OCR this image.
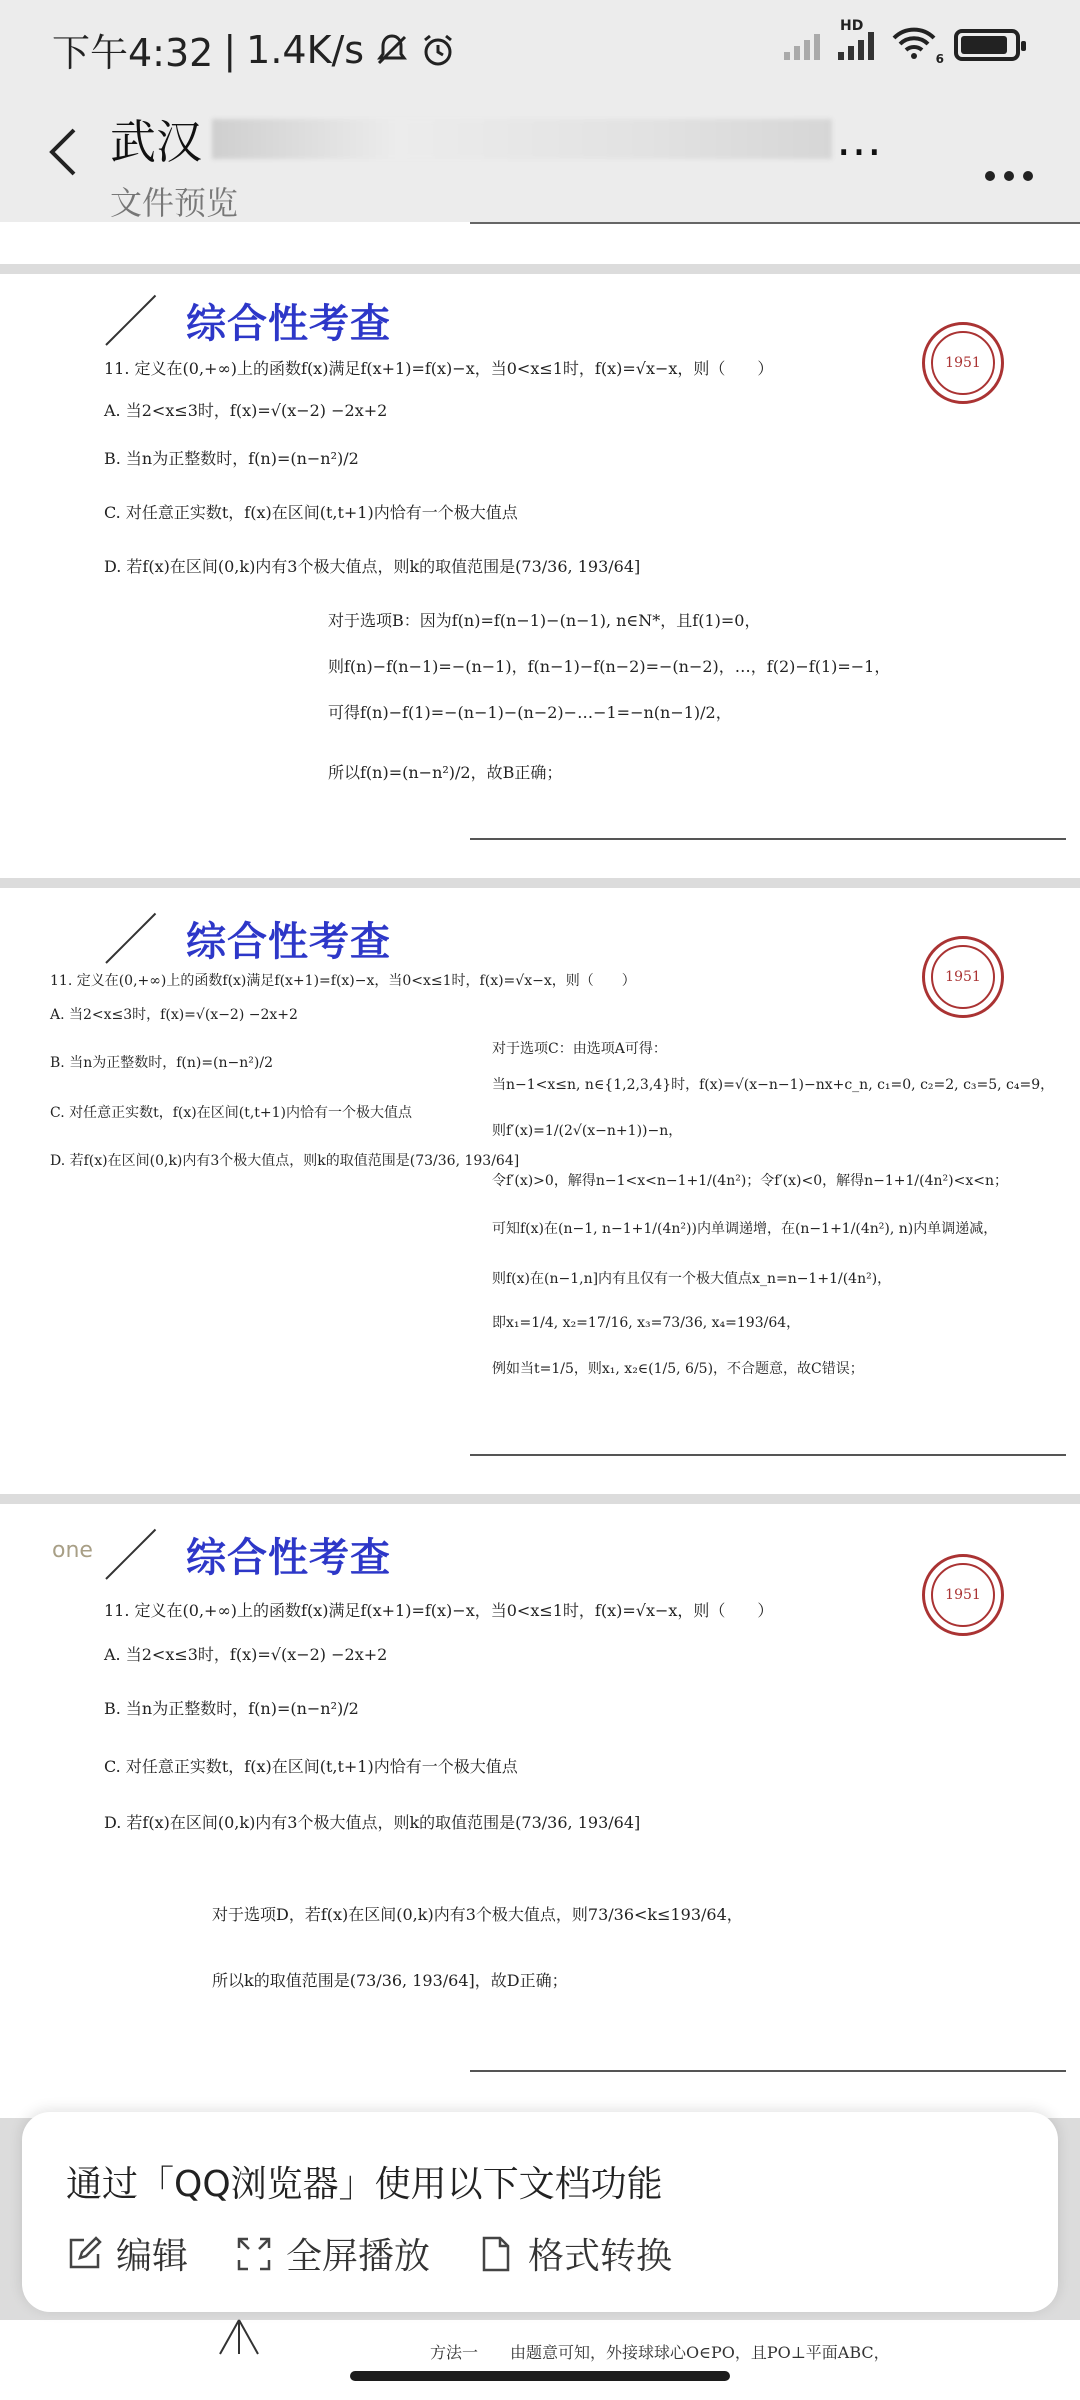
下午4:32 | 1.4K/s
HD
6
武汉	…
文件预览
综合性考查
1951
11. 定义在(0,+∞)上的函数f(x)满足f(x+1)=f(x)−x，当0<x≤1时，f(x)=√x−x，则（　　）
A. 当2<x≤3时，f(x)=√(x−2) −2x+2
B. 当n为正整数时，f(n)=(n−n²)/2
C. 对任意正实数t，f(x)在区间(t,t+1)内恰有一个极大值点
D. 若f(x)在区间(0,k)内有3个极大值点，则k的取值范围是(73/36, 193/64]
对于选项B：因为f(n)=f(n−1)−(n−1), n∈N*，且f(1)=0，
则f(n)−f(n−1)=−(n−1)，f(n−1)−f(n−2)=−(n−2)，…，f(2)−f(1)=−1，
可得f(n)−f(1)=−(n−1)−(n−2)−…−1=−n(n−1)/2，
所以f(n)=(n−n²)/2，故B正确；
综合性考查
1951
11. 定义在(0,+∞)上的函数f(x)满足f(x+1)=f(x)−x，当0<x≤1时，f(x)=√x−x，则（　　）
A. 当2<x≤3时，f(x)=√(x−2) −2x+2
B. 当n为正整数时，f(n)=(n−n²)/2
C. 对任意正实数t，f(x)在区间(t,t+1)内恰有一个极大值点
D. 若f(x)在区间(0,k)内有3个极大值点，则k的取值范围是(73/36, 193/64]
对于选项C：由选项A可得：
当n−1<x≤n, n∈{1,2,3,4}时，f(x)=√(x−n−1)−nx+c_n, c₁=0, c₂=2, c₃=5, c₄=9，
则f′(x)=1/(2√(x−n+1))−n，
令f′(x)>0，解得n−1<x<n−1+1/(4n²)；令f′(x)<0，解得n−1+1/(4n²)<x<n；
可知f(x)在(n−1, n−1+1/(4n²))内单调递增，在(n−1+1/(4n²), n)内单调递减，
则f(x)在(n−1,n]内有且仅有一个极大值点x_n=n−1+1/(4n²)，
即x₁=1/4, x₂=17/16, x₃=73/36, x₄=193/64，
例如当t=1/5，则x₁, x₂∈(1/5, 6/5)，不合题意，故C错误；
one 综合性考查
1951
11. 定义在(0,+∞)上的函数f(x)满足f(x+1)=f(x)−x，当0<x≤1时，f(x)=√x−x，则（　　）
A. 当2<x≤3时，f(x)=√(x−2) −2x+2
B. 当n为正整数时，f(n)=(n−n²)/2
C. 对任意正实数t，f(x)在区间(t,t+1)内恰有一个极大值点
D. 若f(x)在区间(0,k)内有3个极大值点，则k的取值范围是(73/36, 193/64]
对于选项D，若f(x)在区间(0,k)内有3个极大值点，则73/36<k≤193/64，
所以k的取值范围是(73/36, 193/64]，故D正确；
方法一　　由题意可知，外接球球心O∈PO，且PO⊥平面ABC，
通过「QQ浏览器」使用以下文档功能
编辑	全屏播放	格式转换
